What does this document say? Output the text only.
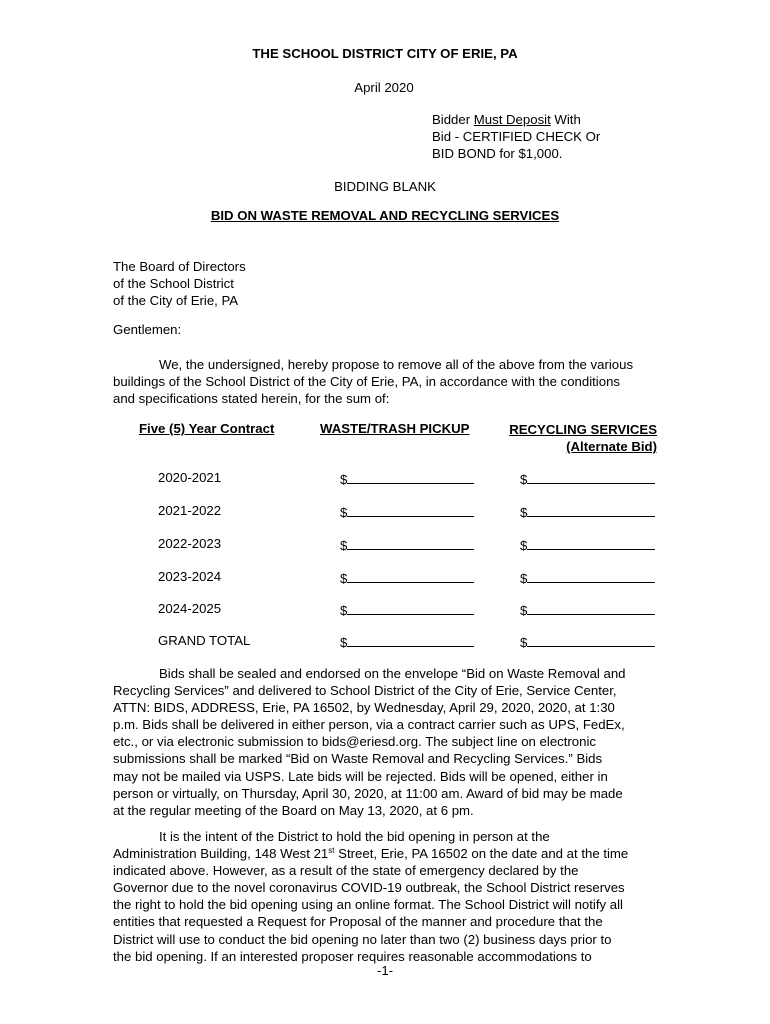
THE SCHOOL DISTRICT CITY OF ERIE, PA
April 2020
Bidder Must Deposit With
Bid - CERTIFIED CHECK Or
BID BOND for $1,000.
BIDDING BLANK
BID ON WASTE REMOVAL AND RECYCLING SERVICES
The Board of Directors
of the School District
of the City of Erie, PA
Gentlemen:
We, the undersigned, hereby propose to remove all of the above from the various
buildings of the School District of the City of Erie, PA, in accordance with the conditions
and specifications stated herein, for the sum of:
Five (5) Year Contract	WASTE/TRASH PICKUP	RECYCLING SERVICES
(Alternate Bid)
2020-2021	$	$
2021-2022	$	$
2022-2023	$	$
2023-2024	$	$
2024-2025	$	$
GRAND TOTAL	$	$
Bids shall be sealed and endorsed on the envelope “Bid on Waste Removal and
Recycling Services” and delivered to School District of the City of Erie, Service Center,
ATTN: BIDS, ADDRESS, Erie, PA 16502, by Wednesday, April 29, 2020, 2020, at 1:30
p.m. Bids shall be delivered in either person, via a contract carrier such as UPS, FedEx,
etc., or via electronic submission to bids@eriesd.org. The subject line on electronic
submissions shall be marked “Bid on Waste Removal and Recycling Services.” Bids
may not be mailed via USPS. Late bids will be rejected. Bids will be opened, either in
person or virtually, on Thursday, April 30, 2020, at 11:00 am. Award of bid may be made
at the regular meeting of the Board on May 13, 2020, at 6 pm.
It is the intent of the District to hold the bid opening in person at the
Administration Building, 148 West 21st Street, Erie, PA 16502 on the date and at the time
indicated above. However, as a result of the state of emergency declared by the
Governor due to the novel coronavirus COVID-19 outbreak, the School District reserves
the right to hold the bid opening using an online format. The School District will notify all
entities that requested a Request for Proposal of the manner and procedure that the
District will use to conduct the bid opening no later than two (2) business days prior to
the bid opening. If an interested proposer requires reasonable accommodations to
-1-
